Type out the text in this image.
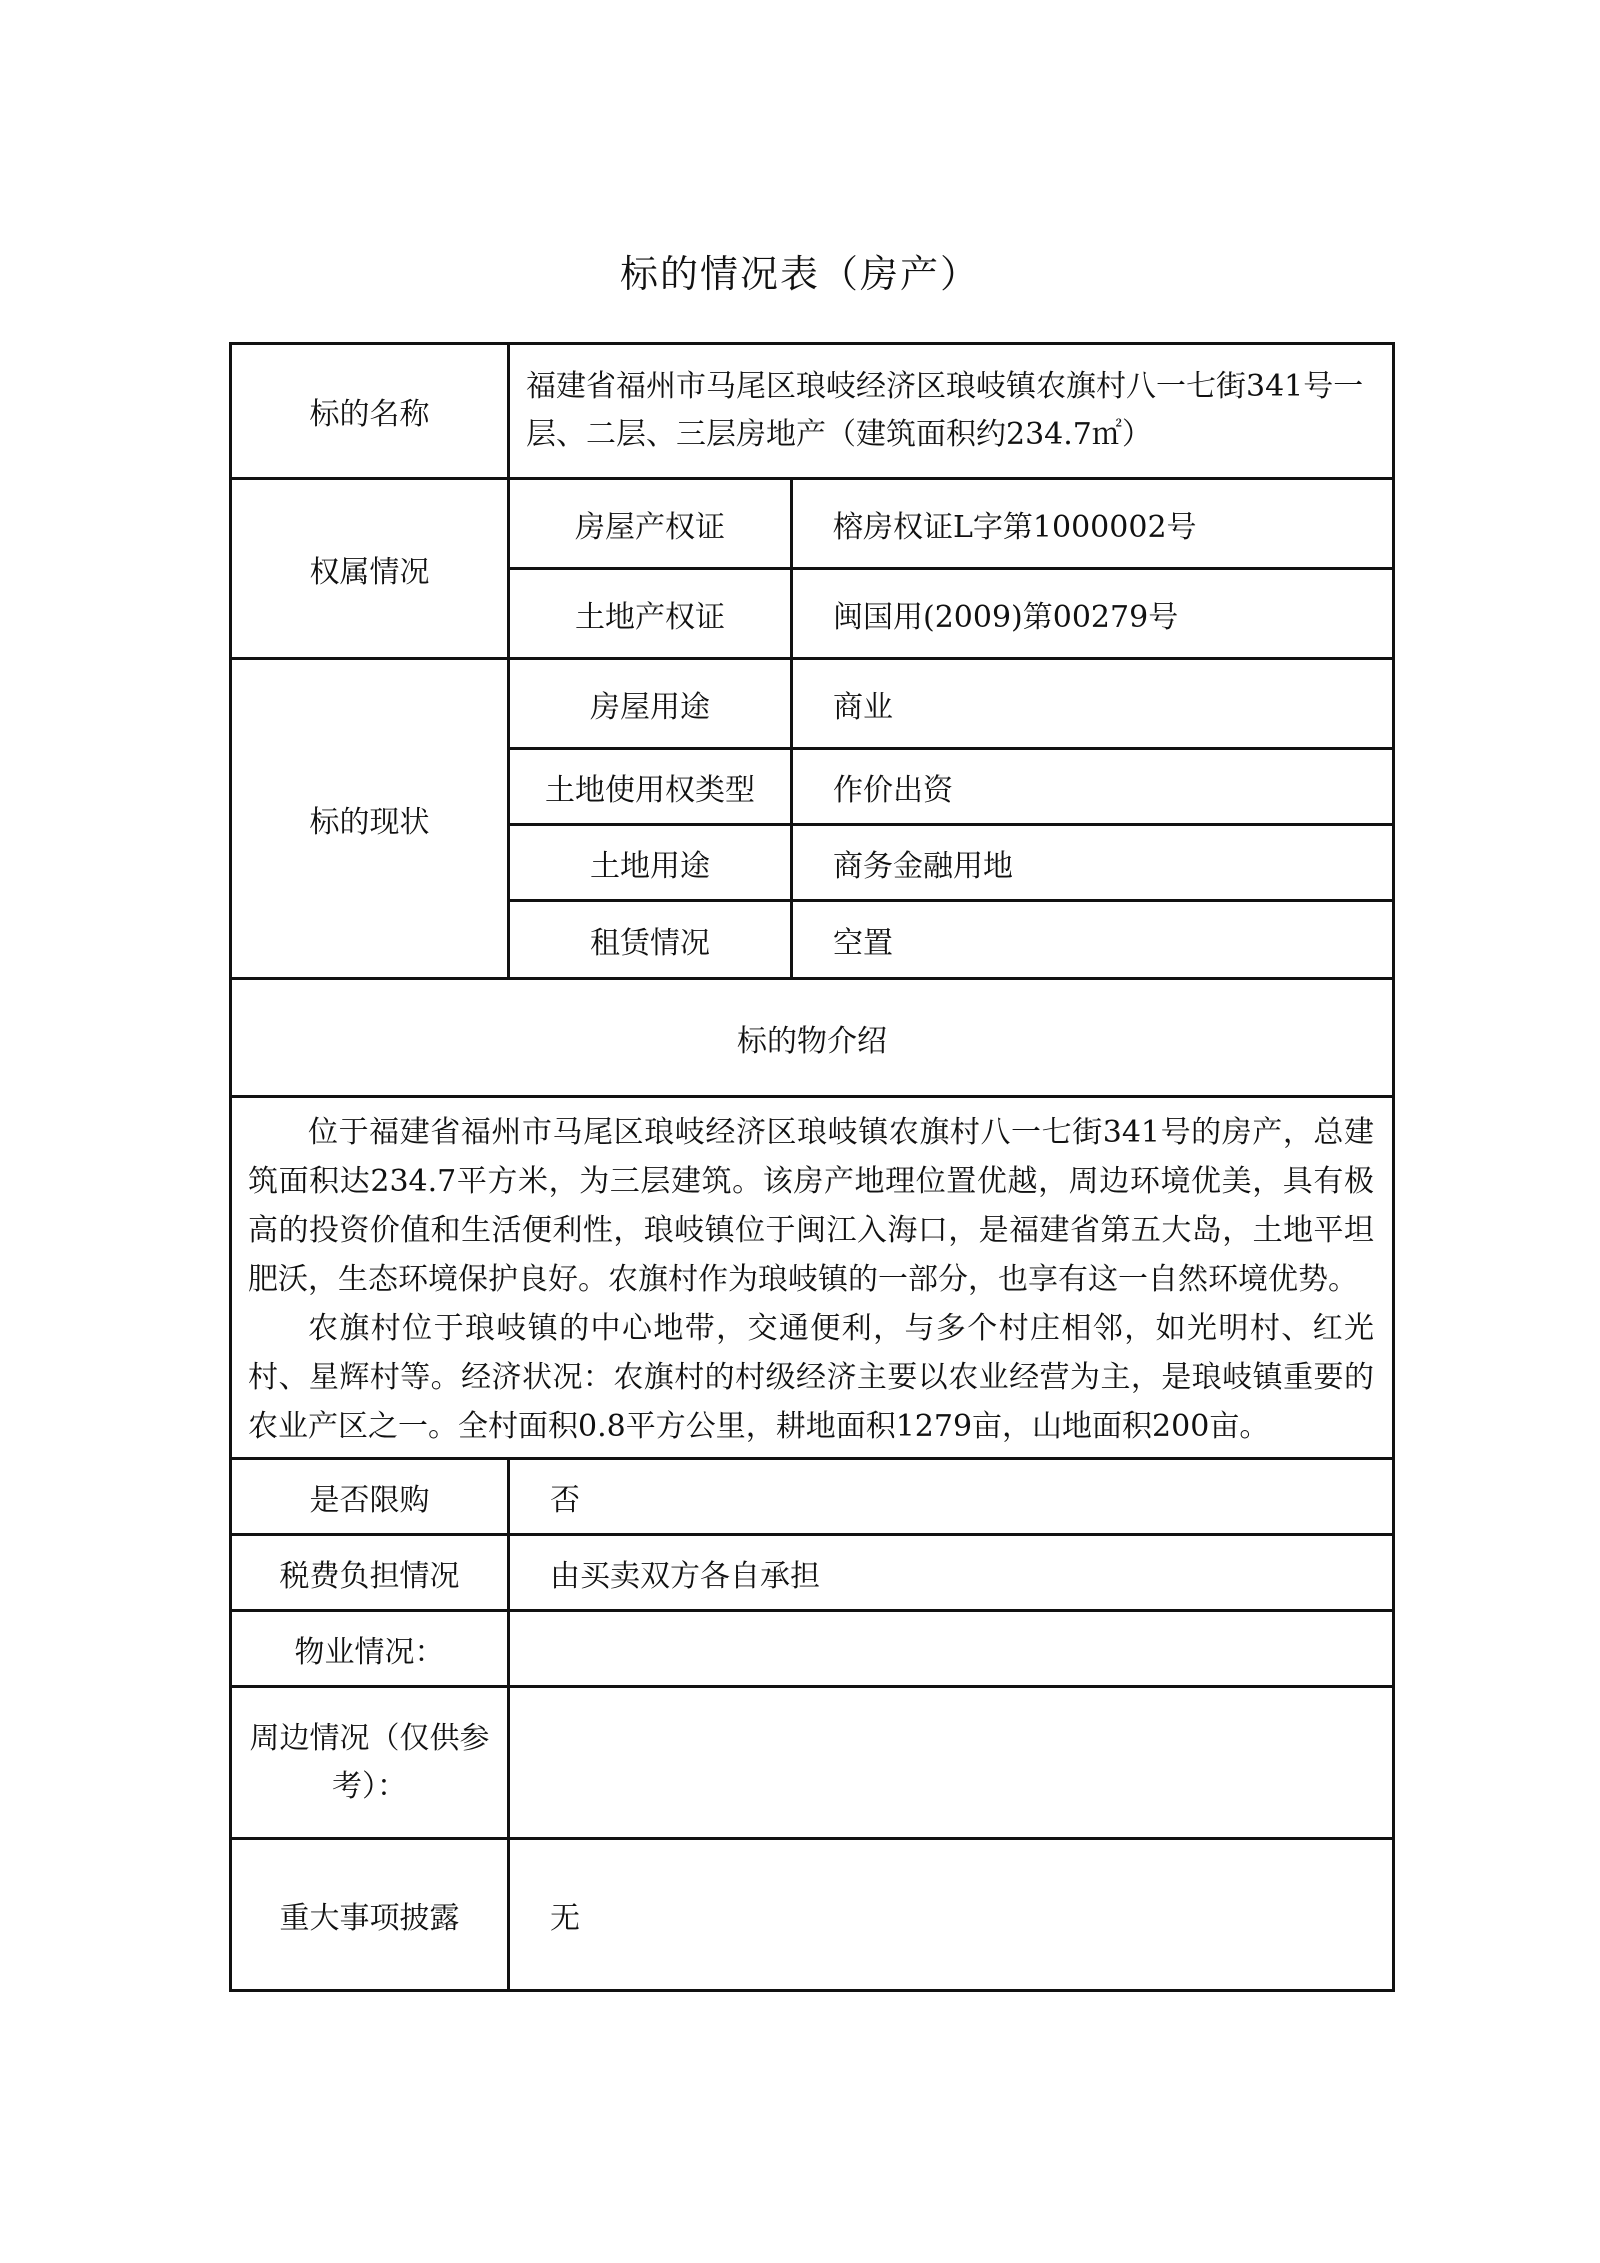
标的情况表（房产）
标的名称	福建省福州市马尾区琅岐经济区琅岐镇农旗村八一七街341号一层、二层、三层房地产（建筑面积约234.7㎡）	
权属情况	房屋产权证	榕房权证L字第1000002号
	土地产权证	闽国用(2009)第00279号
标的现状	房屋用途	商业
	土地使用权类型	作价出资
	土地用途	商务金融用地
	租赁情况	空置
标的物介绍		

位于福建省福州市马尾区琅岐经济区琅岐镇农旗村八一七街341号的房产，总建筑面积达234.7平方米，为三层建筑。该房产地理位置优越，周边环境优美，具有极高的投资价值和生活便利性，琅岐镇位于闽江入海口，是福建省第五大岛，土地平坦肥沃，生态环境保护良好。农旗村作为琅岐镇的一部分，也享有这一自然环境优势。

农旗村位于琅岐镇的中心地带，交通便利，与多个村庄相邻，如光明村、红光村、星辉村等。经济状况：农旗村的村级经济主要以农业经营为主，是琅岐镇重要的农业产区之一。全村面积0.8平方公里，耕地面积1279亩，山地面积200亩。		

是否限购	否	
税费负担情况	由买卖双方各自承担	
物业情况：		
周边情况（仅供参考）：		
重大事项披露	无	
